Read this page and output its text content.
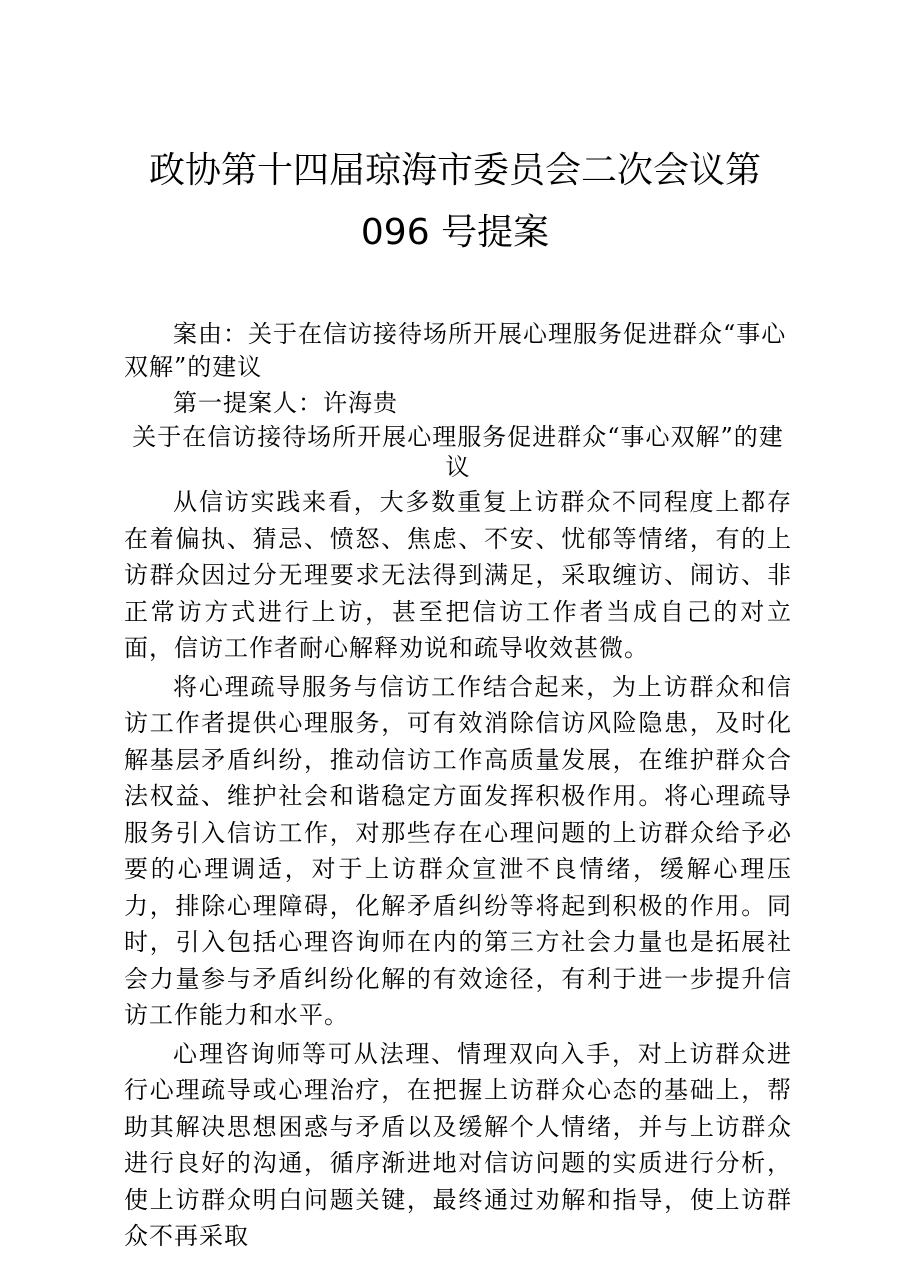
政协第十四届琼海市委员会二次会议第 096 号提案

案由：关于在信访接待场所开展心理服务促进群众“事心双解”的建议

第一提案人：许海贵

关于在信访接待场所开展心理服务促进群众“事心双解”的建议

从信访实践来看，大多数重复上访群众不同程度上都存在着偏执、猜忌、愤怒、焦虑、不安、忧郁等情绪，有的上访群众因过分无理要求无法得到满足，采取缠访、闹访、非正常访方式进行上访，甚至把信访工作者当成自己的对立面，信访工作者耐心解释劝说和疏导收效甚微。

将心理疏导服务与信访工作结合起来，为上访群众和信访工作者提供心理服务，可有效消除信访风险隐患，及时化解基层矛盾纠纷，推动信访工作高质量发展，在维护群众合法权益、维护社会和谐稳定方面发挥积极作用。将心理疏导服务引入信访工作，对那些存在心理问题的上访群众给予必要的心理调适，对于上访群众宣泄不良情绪，缓解心理压力，排除心理障碍，化解矛盾纠纷等将起到积极的作用。同时，引入包括心理咨询师在内的第三方社会力量也是拓展社会力量参与矛盾纠纷化解的有效途径，有利于进一步提升信访工作能力和水平。

心理咨询师等可从法理、情理双向入手，对上访群众进行心理疏导或心理治疗，在把握上访群众心态的基础上，帮助其解决思想困惑与矛盾以及缓解个人情绪，并与上访群众进行良好的沟通，循序渐进地对信访问题的实质进行分析，使上访群众明白问题关键，最终通过劝解和指导，使上访群众不再采取
